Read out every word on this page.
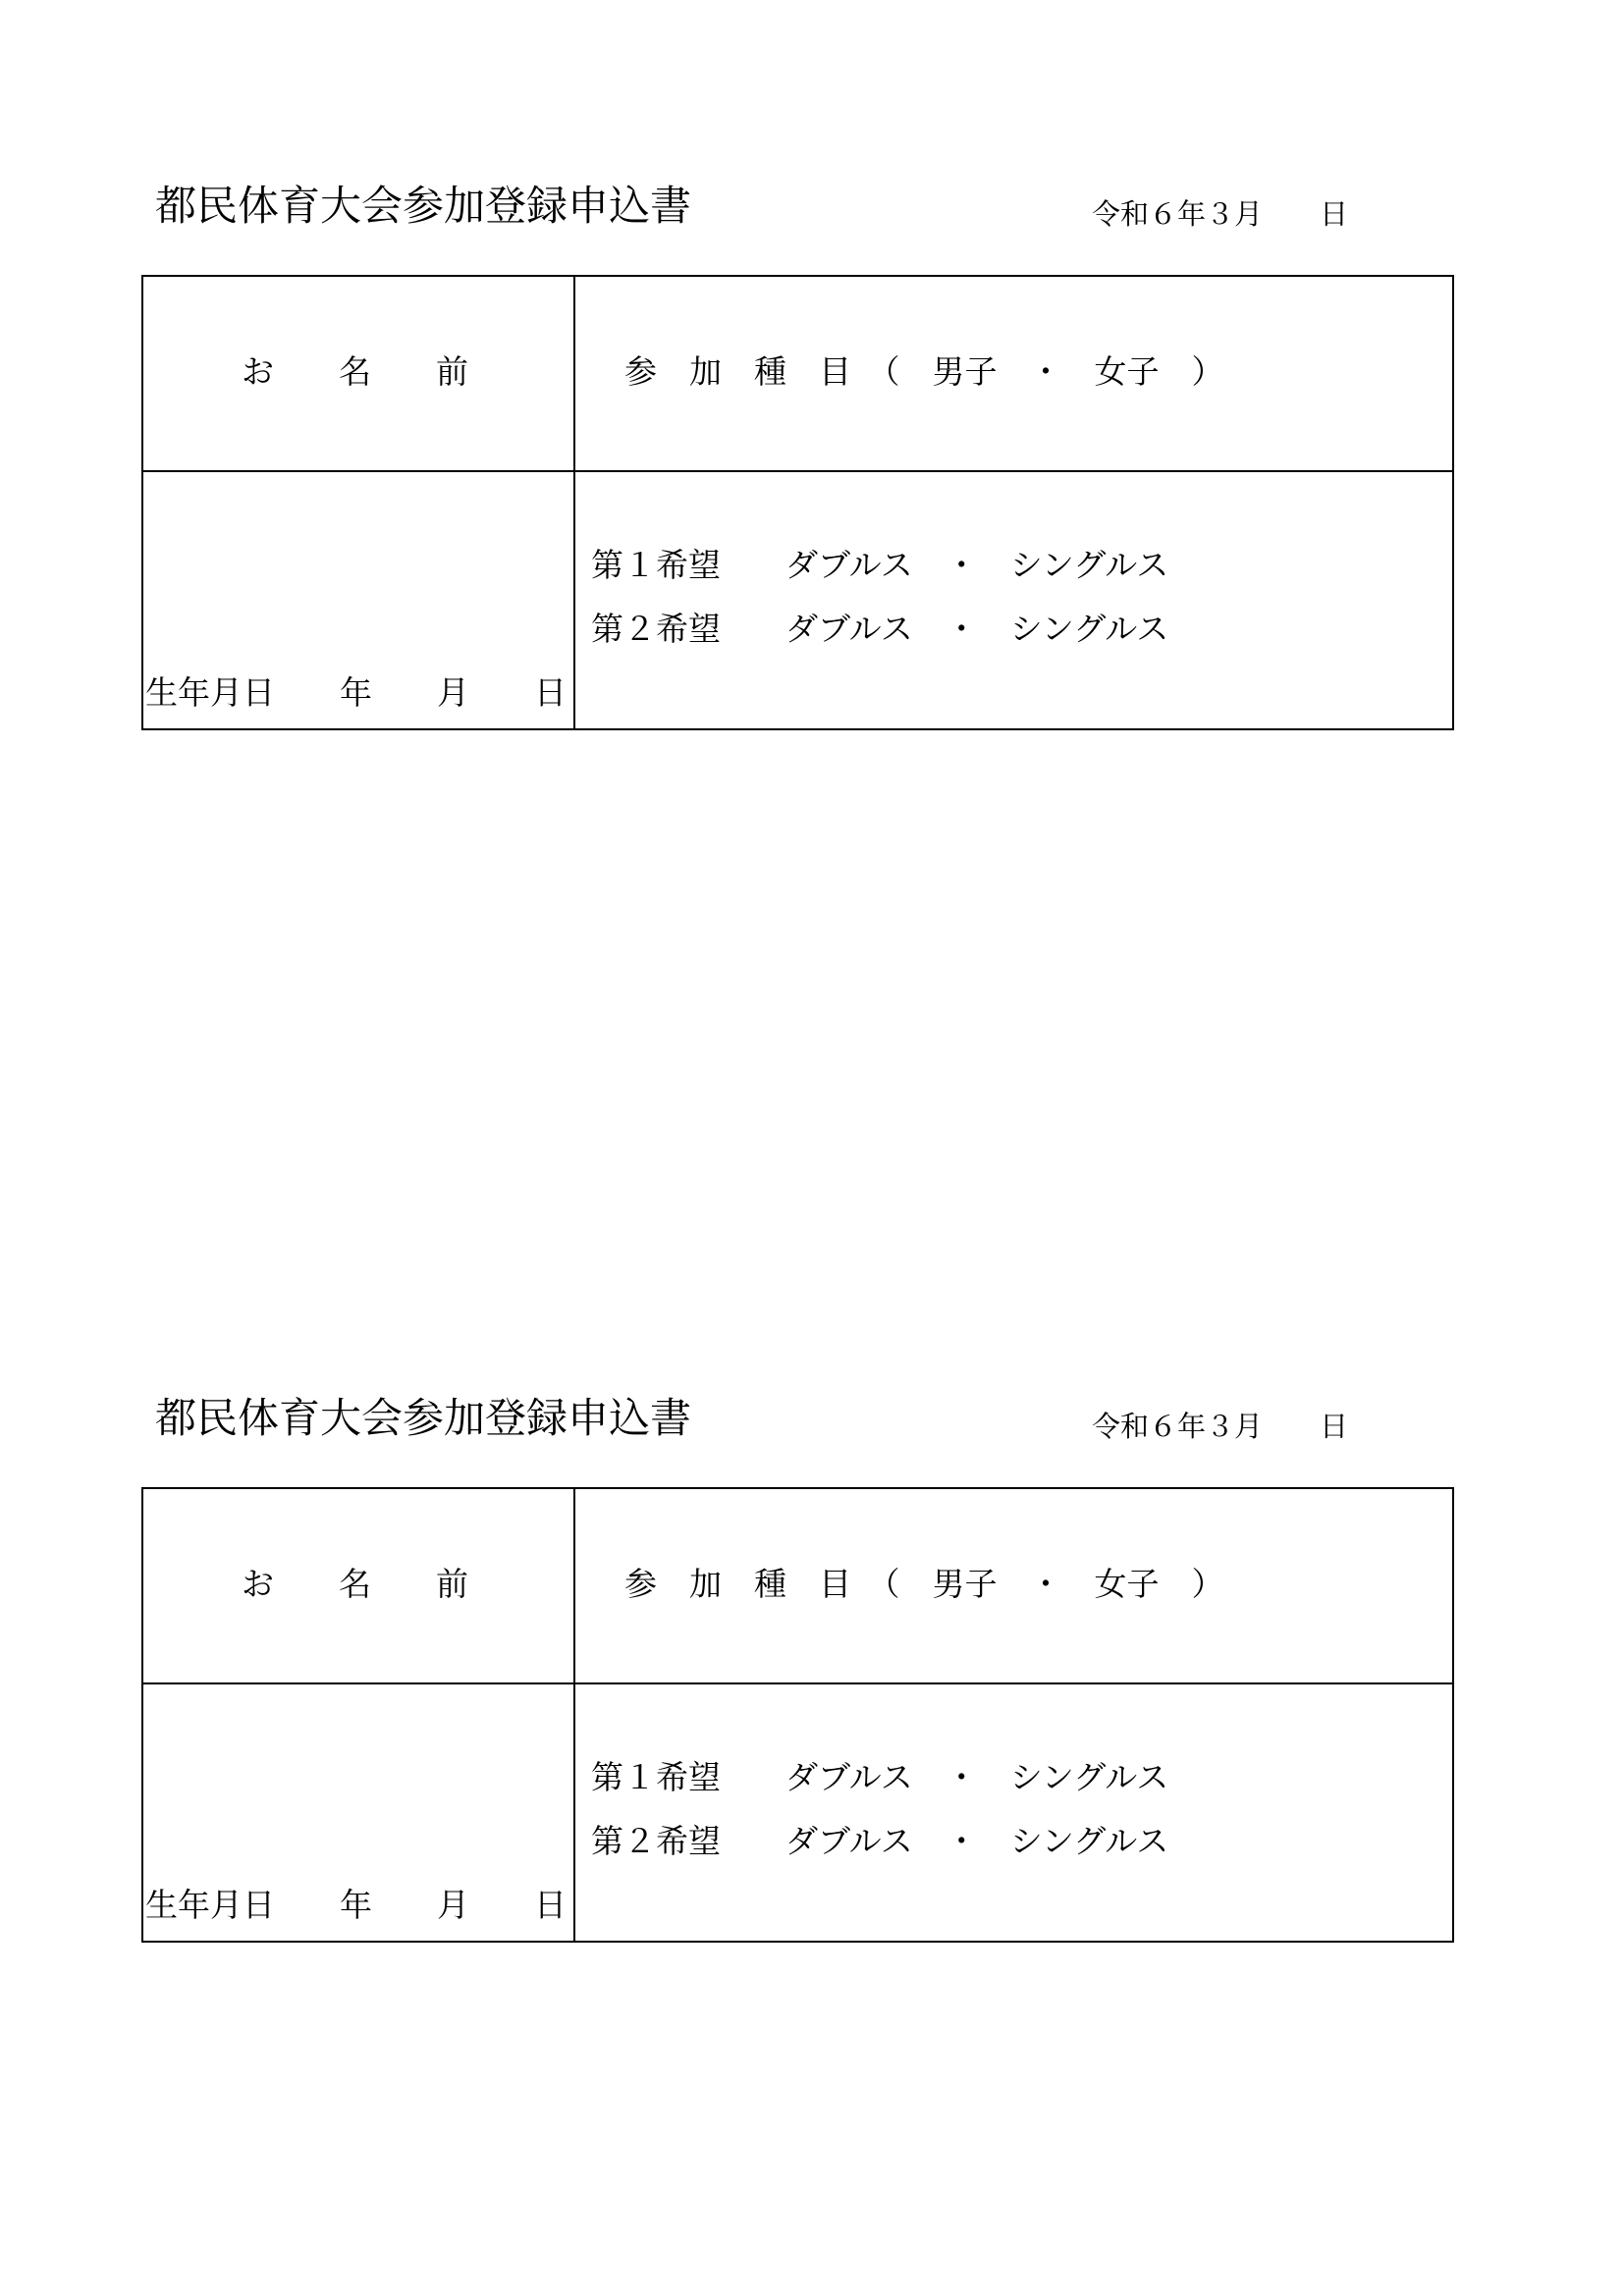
都民体育大会参加登録申込書	令和６年３月　　日
お　　名　　前	参　加　種　目　（　男子　・　女子　）
生年月日　　年　　月　　日
第１希望　　ダブルス　・　シングルス
第２希望　　ダブルス　・　シングルス
都民体育大会参加登録申込書	令和６年３月　　日
お　　名　　前	参　加　種　目　（　男子　・　女子　）
生年月日　　年　　月　　日
第１希望　　ダブルス　・　シングルス
第２希望　　ダブルス　・　シングルス
